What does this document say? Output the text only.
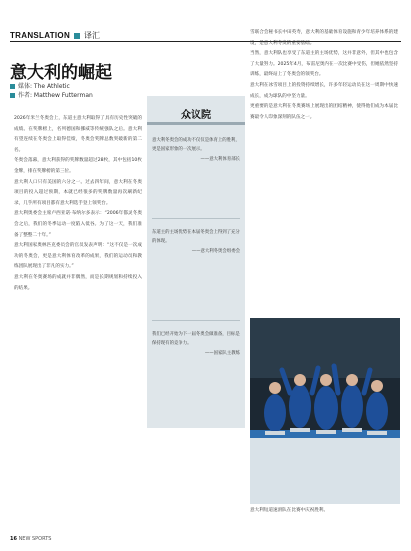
TRANSLATION 译汇
意大利的崛起
媒体: The Athletic
作者: Matthew Futterman

2026年米兰冬奥会上，东道主意大利取得了具有历史性突破的成绩。在奖牌榜上，名列德国和挪威等传统强队之后。意大利有望连续在冬奥会上取得佳绩，冬奥会奖牌总数突破新的第二名。

冬奥会落幕，意大利获得的奖牌数量超过28枚，其中包括10枚金牌，排在奖牌榜的第三位。

意大利人口只有美国的六分之一。过去四年间，意大利在冬奥项目的投入超过预期，本就已经很多的奖牌数量再次刷新纪录，几乎所有项目都有意大利选手登上领奖台。

意大利奥委会主席卢西亚诺·布纳尔多表示：“2006年都灵冬奥会之后，我们的冬季运动一度陷入低谷。为了这一天，我们准备了整整二十年。”

意大利国家奥林匹克委员会的官员发表声明：“这不仅是一次成功的冬奥会，更是意大利体育改革的成果，我们的运动员和教练团队展现出了非凡的实力。”

意大利在冬奥赛场的成就并非偶然，而是长期规划和持续投入的结果。

众议院
意大利冬奥会的成功不仅仅是体育上的胜利，更是国家形象的一次展示。
——意大利体育部长
东道主的主场优势在本届冬奥会上得到了充分的体现。
——意大利冬奥会组委会
我们已经开始为下一届冬奥会做准备，目标是保持现有的竞争力。
——国家队主教练

雪联合会秘书长中田英寿，意大利的基础体育设施和青少年培养体系的建设，是意大利冬奥的重要基础。

当然，意大利队也享受了东道主的主场优势，这并非意外，但其中也包含了大量努力。2025年4月，布雷尼奥内在一次比赛中受伤，但她依然坚持训练，最终站上了冬奥会的领奖台。

意大利在冰雪项目上的投资持续增长，许多年轻运动员在这一周期中快速成长，成为球队的中坚力量。

更重要的是意大利在冬奥赛场上展现出的团结精神，使得他们成为本届比赛最令人印象深刻的队伍之一。

意大利短道速滑队在比赛中庆祝胜利。
16 NEW SPORTS
